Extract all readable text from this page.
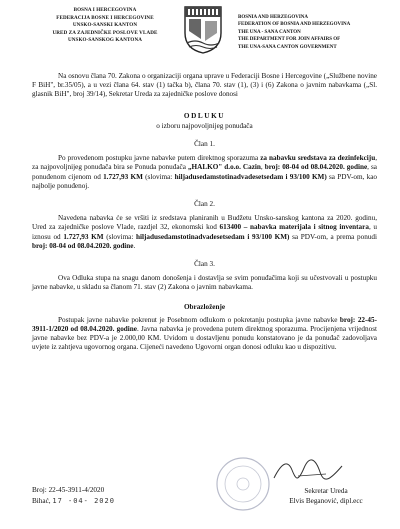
BOSNA I HERCEGOVINA
FEDERACIJA BOSNE I HERCEGOVINE
UNSKO-SANSKI KANTON
URED ZA ZAJEDNIČKE POSLOVE VLADE
UNSKO-SANSKOG KANTONA
BOSNIA AND HERZEGOVINA
FEDERATION OF BOSNIA AND HERZEGOVINA
THE UNA - SANA CANTON
THE DEPARTMENT FOR JOIN AFFAIRS OF
THE UNA-SANA CANTON GOVERNMENT

Na osnovu člana 70. Zakona o organizaciji organa uprave u Federaciji Bosne i Hercegovine („Službene novine F BiH", br.35/05), a u vezi člana 64. stav (1) tačka b), člana 70. stav (1), (3) i (6) Zakona o javnim nabavkama („Sl. glasnik BiH", broj 39/14), Sekretar Ureda za zajedničke poslove donosi

ODLUKU

o izboru najpovoljnijeg ponuđača

Član 1.

Po provedenom postupku javne nabavke putem direktnog sporazuma za nabavku sredstava za dezinfekciju, za najpovoljnijeg ponuđača bira se Ponuda ponuđača „HALKO" d.o.o. Cazin, broj: 08-04 od 08.04.2020. godine, sa ponuđenom cijenom od 1.727,93 KM (slovima: hiljadusedamstotinadvadesetsedam i 93/100 KM) sa PDV-om, kao najbolje ponuđenoj.

Član 2.

Navedena nabavka će se vršiti iz sredstava planiranih u Budžetu Unsko-sanskog kantona za 2020. godinu, Ured za zajedničke poslove Vlade, razdjel 32, ekonomski kod 613400 – nabavka materijala i sitnog inventara, u iznosu od 1.727,93 KM (slovima: hiljadusedamstotinadvadesetsedam i 93/100 KM) sa PDV-om, a prema ponudi broj: 08-04 od 08.04.2020. godine.

Član 3.

Ova Odluka stupa na snagu danom donošenja i dostavlja se svim ponuđačima koji su učestvovali u postupku javne nabavke, u skladu sa članom 71. stav (2) Zakona o javnim nabavkama.

Obrazloženje

Postupak javne nabavke pokrenut je Posebnom odlukom o pokretanju postupka javne nabavke broj: 22-45-3911-1/2020 od 08.04.2020. godine. Javna nabavka je provedena putem direktnog sporazuma. Procijenjena vrijednost javne nabavke bez PDV-a je 2.000,00 KM. Uvidom u dostavljenu ponudu konstatovano je da ponuđač zadovoljava uvjete iz zahtjeva ugovornog organa. Cijeneći navedeno Ugovorni organ donosi odluku kao u dispozitivu.

Broj: 22-45-3911-4/2020
Bihać, 17 -04- 2020
Sekretar Ureda
Elvis Beganović, dipl.ecc
